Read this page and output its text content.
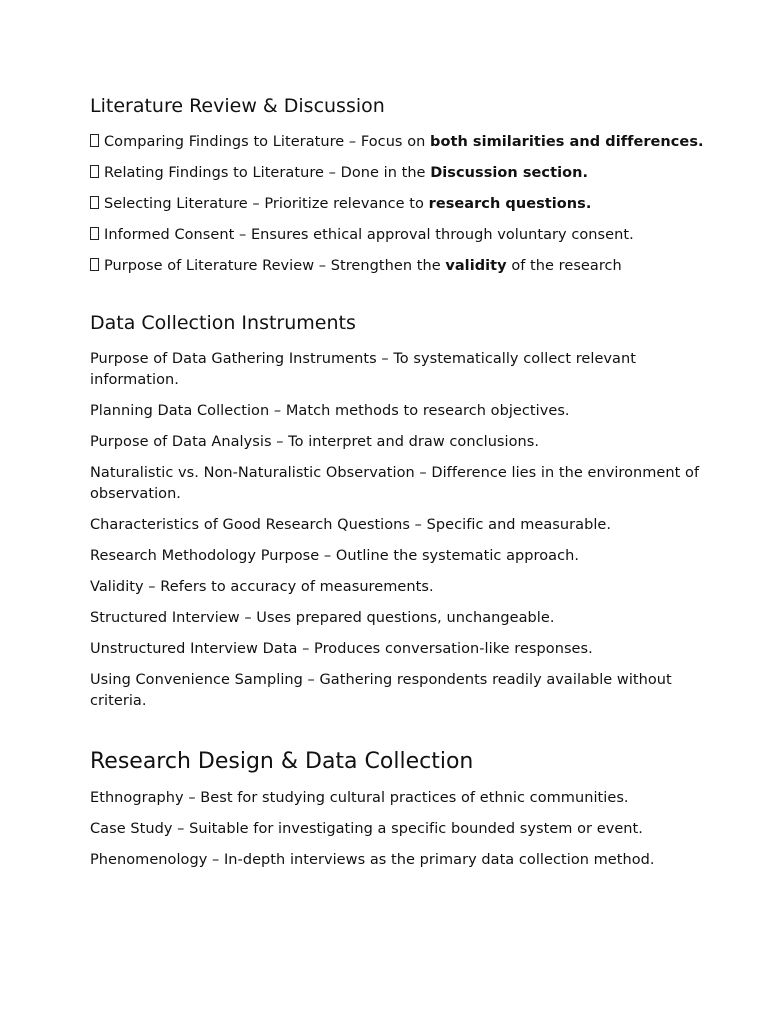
Literature Review & Discussion

Comparing Findings to Literature – Focus on both similarities and differences.

Relating Findings to Literature – Done in the Discussion section.

Selecting Literature – Prioritize relevance to research questions.

Informed Consent – Ensures ethical approval through voluntary consent.

Purpose of Literature Review – Strengthen the validity of the research

Data Collection Instruments

Purpose of Data Gathering Instruments – To systematically collect relevant information.

Planning Data Collection – Match methods to research objectives.

Purpose of Data Analysis – To interpret and draw conclusions.

Naturalistic vs. Non-Naturalistic Observation – Difference lies in the environment of observation.

Characteristics of Good Research Questions – Specific and measurable.

Research Methodology Purpose – Outline the systematic approach.

Validity – Refers to accuracy of measurements.

Structured Interview – Uses prepared questions, unchangeable.

Unstructured Interview Data – Produces conversation-like responses.

Using Convenience Sampling – Gathering respondents readily available without criteria.

Research Design & Data Collection

Ethnography – Best for studying cultural practices of ethnic communities.

Case Study – Suitable for investigating a specific bounded system or event.

Phenomenology – In-depth interviews as the primary data collection method.
